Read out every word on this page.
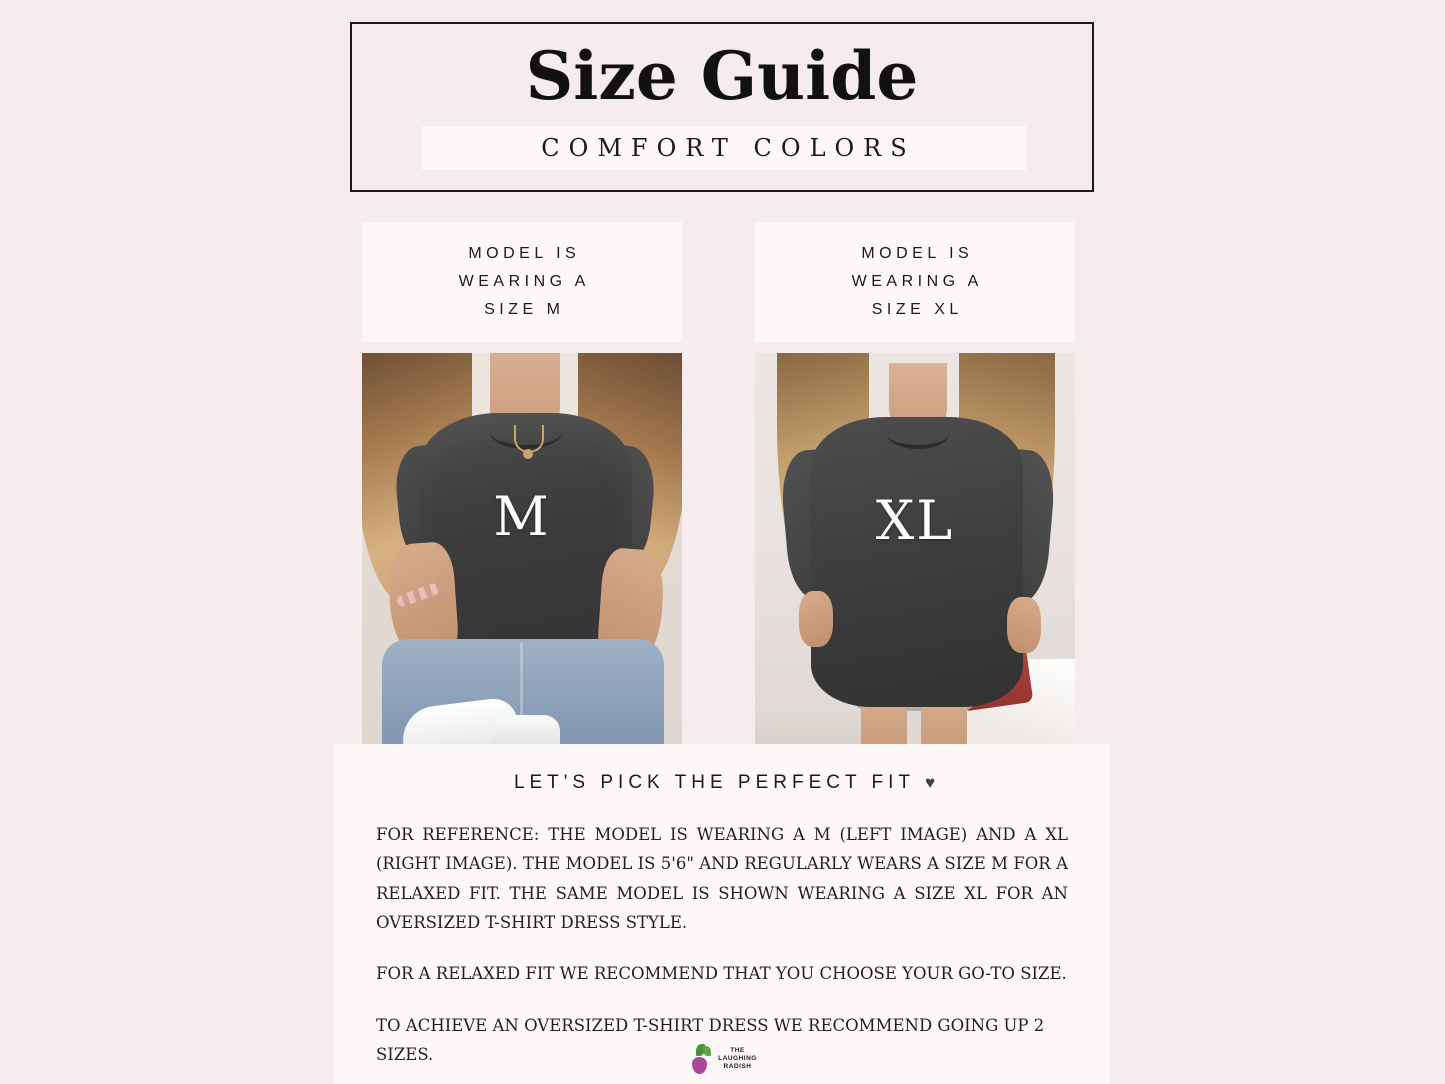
Size Guide
COMFORT COLORS
MODEL IS
WEARING A
SIZE M
M
MODEL IS
WEARING A
SIZE XL
XL
LET'S PICK THE PERFECT FIT ♥

FOR REFERENCE: THE MODEL IS WEARING A M (LEFT IMAGE) AND A XL (RIGHT IMAGE). THE MODEL IS 5'6" AND REGULARLY WEARS A SIZE M FOR A RELAXED FIT. THE SAME MODEL IS SHOWN WEARING A SIZE XL FOR AN OVERSIZED T-SHIRT DRESS STYLE.

FOR A RELAXED FIT WE RECOMMEND THAT YOU CHOOSE YOUR GO-TO SIZE.

TO ACHIEVE AN OVERSIZED T-SHIRT DRESS WE RECOMMEND GOING UP 2 SIZES.	THE
LAUGHING
RADISH
